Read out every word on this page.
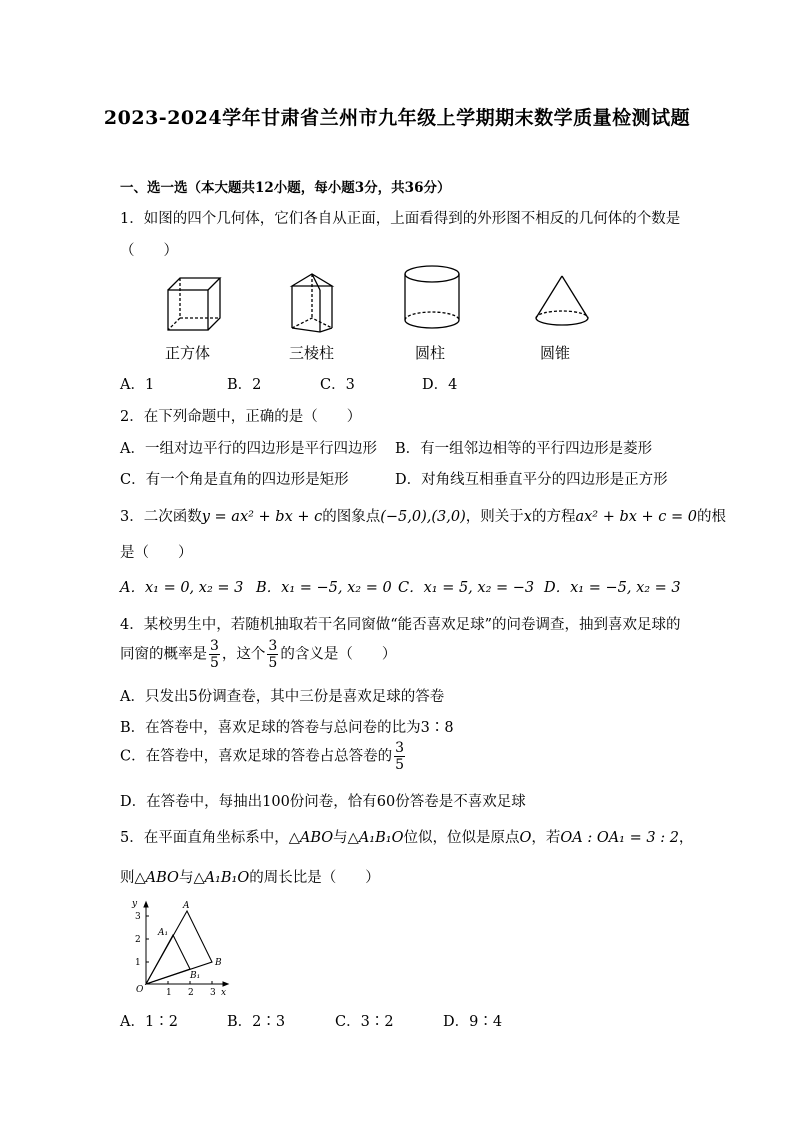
2023-2024学年甘肃省兰州市九年级上学期期末数学质量检测试题
一、选一选（本大题共12小题，每小题3分，共36分）
1．如图的四个几何体，它们各自从正面，上面看得到的外形图不相反的几何体的个数是
（　　）
正方体	三棱柱	圆柱	圆锥
A．1	B．2	C．3	D．4
2．在下列命题中，正确的是（　　）
A．一组对边平行的四边形是平行四边形 B．有一组邻边相等的平行四边形是菱形
C．有一个角是直角的四边形是矩形	D．对角线互相垂直平分的四边形是正方形
3．二次函数y = ax² + bx + c的图象点(−5,0),(3,0)，则关于x的方程ax² + bx + c = 0的根
是（　　）
A．x₁ = 0, x₂ = 3 B．x₁ = −5, x₂ = 0 C．x₁ = 5, x₂ = −3 D．x₁ = −5, x₂ = 3
4．某校男生中，若随机抽取若干名同窗做“能否喜欢足球”的问卷调查，抽到喜欢足球的
同窗的概率是 $\frac{3}{5}$ ，这个 $\frac{3}{5}$ 的含义是（　　）
A．只发出5份调查卷，其中三份是喜欢足球的答卷
B．在答卷中，喜欢足球的答卷与总问卷的比为3∶8
C．在答卷中，喜欢足球的答卷占总答卷的 $\frac{3}{5}$
D．在答卷中，每抽出100份问卷，恰有60份答卷是不喜欢足球
5．在平面直角坐标系中，△ABO与△A₁B₁O位似，位似是原点O，若OA : OA₁ = 3 : 2，
则△ABO与△A₁B₁O的周长比是（　　）
1
2
3
1 2 3 x
y
O
A
A₁
B
B₁
A．1∶2	B．2∶3	C．3∶2	D．9∶4
